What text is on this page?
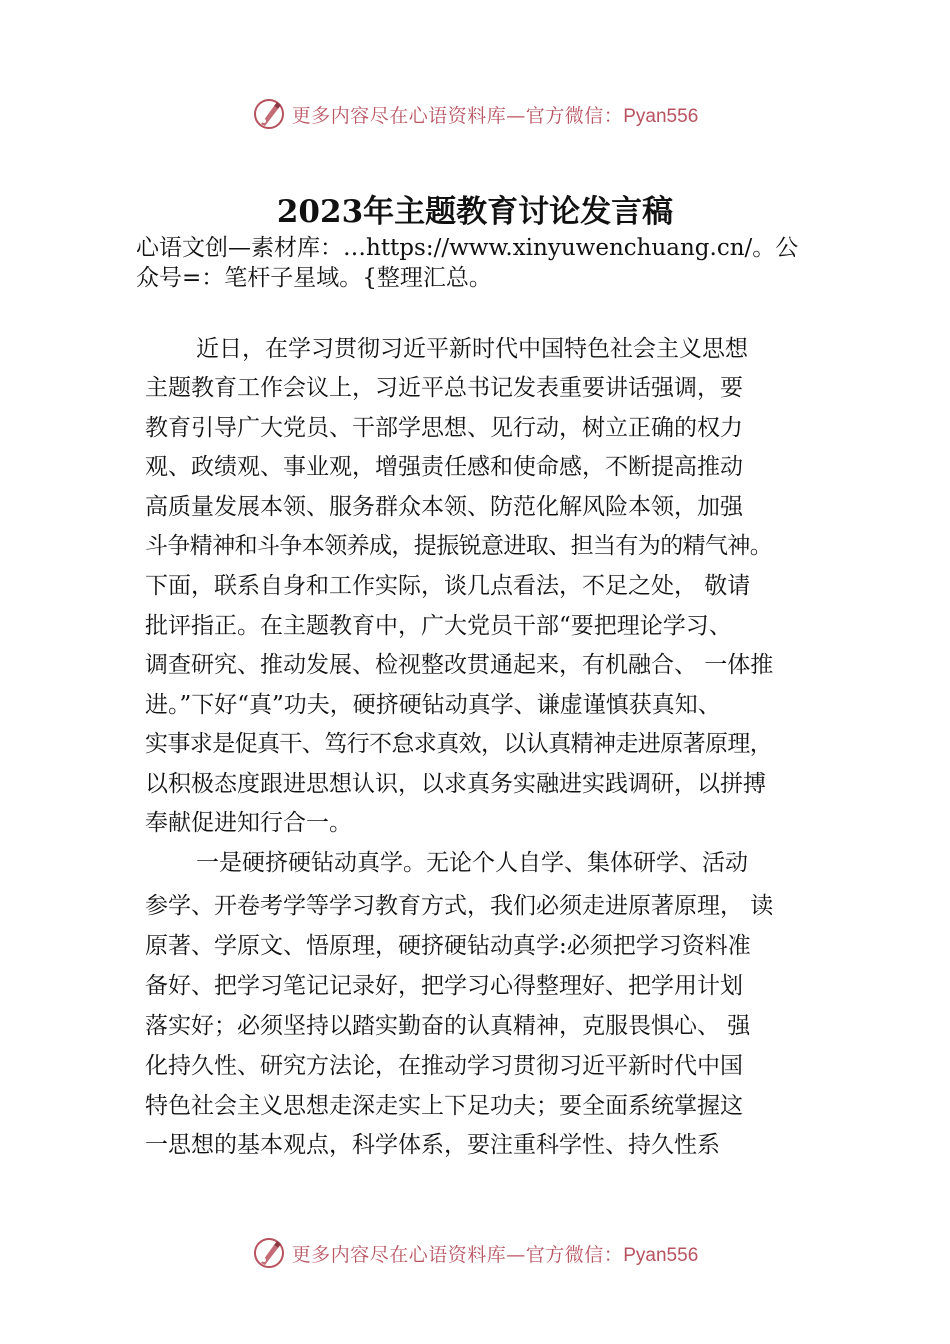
更多内容尽在心语资料库—官方微信：Pyan556
2023年主题教育讨论发言稿
心语文创—素材库：…https://www.xinyuwenchuang.cn/。公
众号=：笔杆子星域。{整理汇总。
近日，在学习贯彻习近平新时代中国特色社会主义思想
主题教育工作会议上，习近平总书记发表重要讲话强调，要
教育引导广大党员、干部学思想、见行动，树立正确的权力
观、政绩观、事业观，增强责任感和使命感，不断提高推动
高质量发展本领、服务群众本领、防范化解风险本领，加强
斗争精神和斗争本领养成，提振锐意进取、担当有为的精气神。
下面，联系自身和工作实际，谈几点看法，不足之处， 敬请
批评指正。在主题教育中，广大党员干部“要把理论学习、
调查研究、推动发展、检视整改贯通起来，有机融合、 一体推
进。”下好“真”功夫，硬挤硬钻动真学、谦虚谨慎获真知、
实事求是促真干、笃行不怠求真效，以认真精神走进原著原理，
以积极态度跟进思想认识，以求真务实融进实践调研，以拼搏
奉献促进知行合一。
一是硬挤硬钻动真学。无论个人自学、集体研学、活动
参学、开卷考学等学习教育方式，我们必须走进原著原理， 读
原著、学原文、悟原理，硬挤硬钻动真学:必须把学习资料准
备好、把学习笔记记录好，把学习心得整理好、把学用计划
落实好；必须坚持以踏实勤奋的认真精神，克服畏惧心、 强
化持久性、研究方法论，在推动学习贯彻习近平新时代中国
特色社会主义思想走深走实上下足功夫；要全面系统掌握这
一思想的基本观点，科学体系，要注重科学性、持久性系
更多内容尽在心语资料库—官方微信：Pyan556
